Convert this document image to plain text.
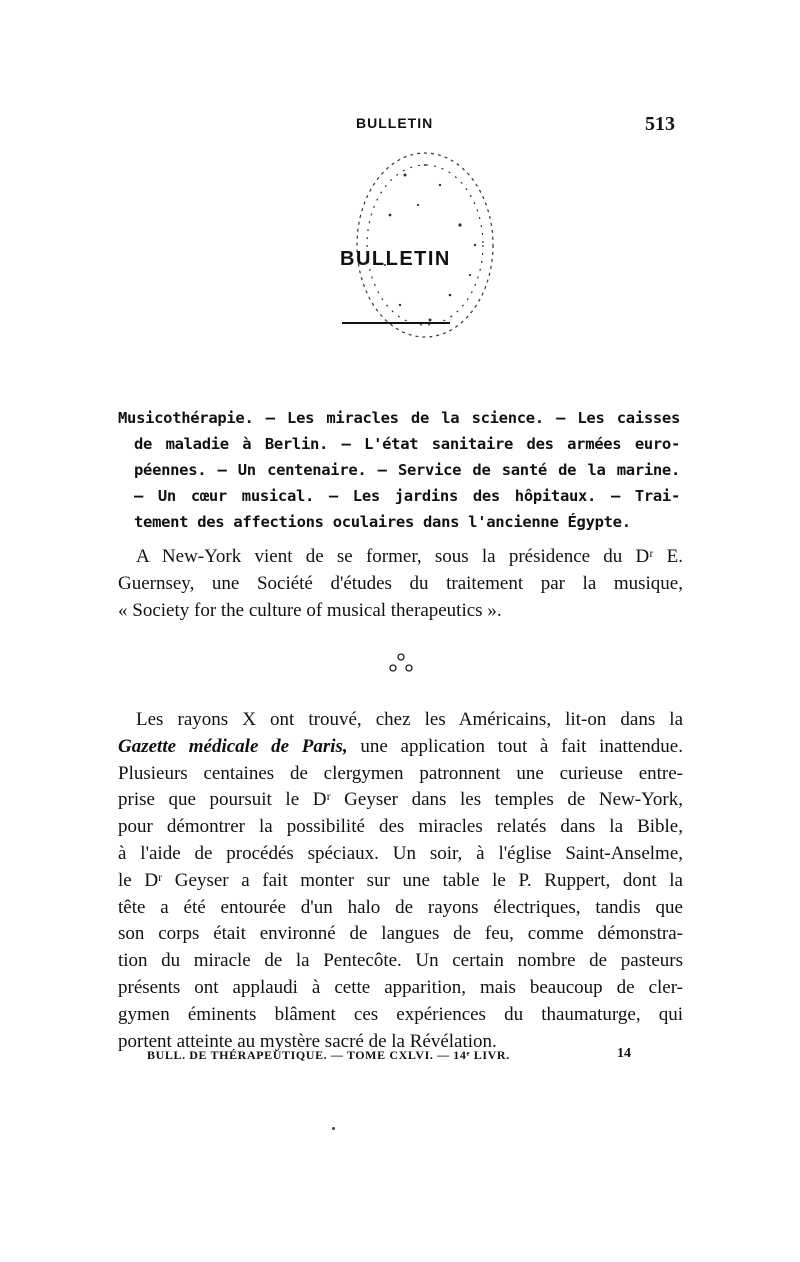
BULLETIN	513
BULLETIN
Musicothérapie. — Les miracles de la science. — Les caisses
de maladie à Berlin. — L'état sanitaire des armées euro-
péennes. — Un centenaire. — Service de santé de la marine.
— Un cœur musical. — Les jardins des hôpitaux. — Trai-
tement des affections oculaires dans l'ancienne Égypte.
A New-York vient de se former, sous la présidence du Dʳ E.
Guernsey, une Société d'études du traitement par la musique,
« Society for the culture of musical therapeutics ».
Les rayons X ont trouvé, chez les Américains, lit-on dans la
Gazette médicale de Paris, une application tout à fait inattendue.
Plusieurs centaines de clergymen patronnent une curieuse entre-
prise que poursuit le Dʳ Geyser dans les temples de New-York,
pour démontrer la possibilité des miracles relatés dans la Bible,
à l'aide de procédés spéciaux. Un soir, à l'église Saint-Anselme,
le Dʳ Geyser a fait monter sur une table le P. Ruppert, dont la
tête a été entourée d'un halo de rayons électriques, tandis que
son corps était environné de langues de feu, comme démonstra-
tion du miracle de la Pentecôte. Un certain nombre de pasteurs
présents ont applaudi à cette apparition, mais beaucoup de cler-
gymen éminents blâment ces expériences du thaumaturge, qui
portent atteinte au mystère sacré de la Révélation.
BULL. DE THÉRAPEUTIQUE. — TOME CXLVI. — 14ᵉ LIVR.	14
